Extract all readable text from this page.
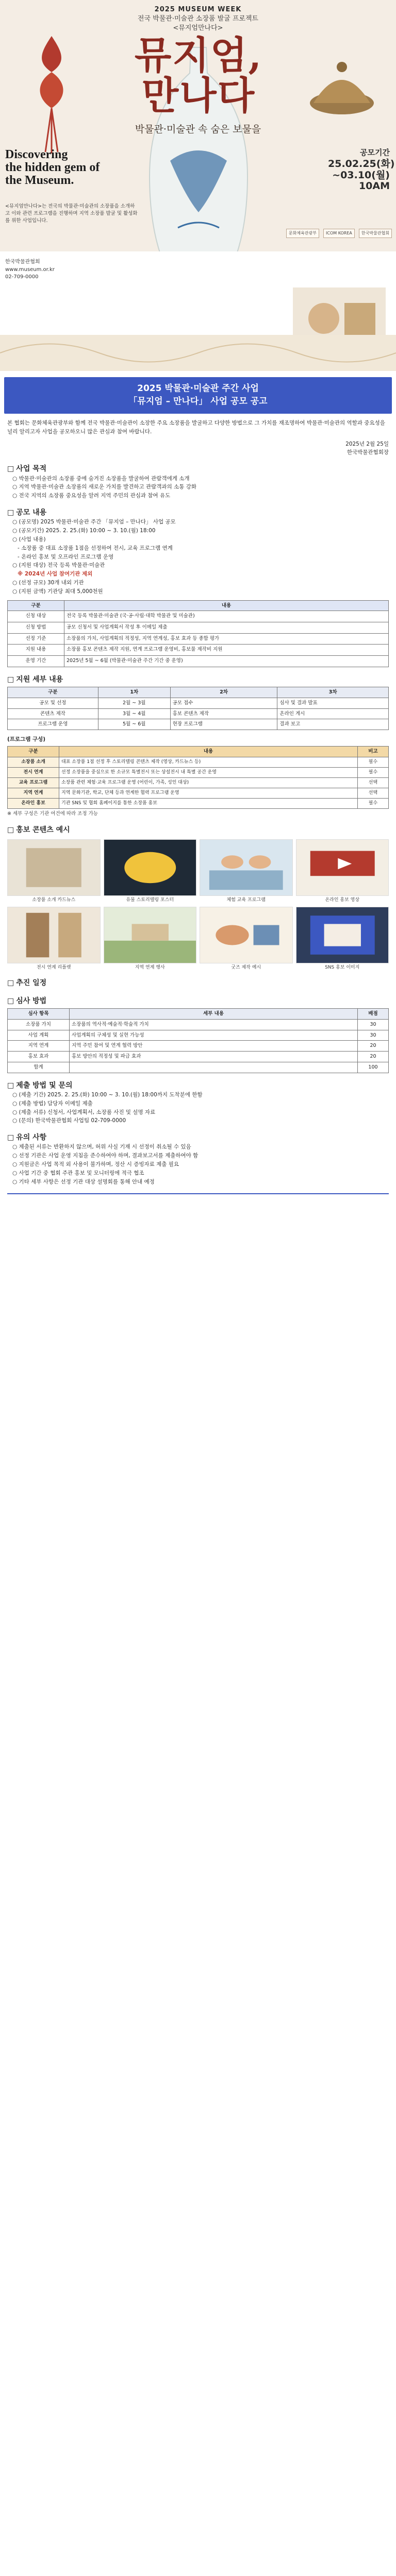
2025 MUSEUM WEEK
전국 박물관·미술관 소장품 발굴 프로젝트
<뮤지엄만나다>
뮤지엄,
만나다
박물관·미술관 속 숨은 보물을
Discovering
the hidden gem of
the Museum.
<뮤지엄만나다>는 전국의 박물관·미술관의 소장품을 소개하고 이와 관련 프로그램을 진행하며 지역 소장품 발굴 및 활성화를 위한 사업입니다.
공모기간
25.02.25(화)
~03.10(월)
10AM
문화체육관광부	ICOM KOREA	한국박물관협회
한국박물관협회
www.museum.or.kr
02-709-0000
2025 박물관·미술관 주간 사업
「뮤지엄 – 만나다」 사업 공모 공고

본 협회는 문화체육관광부와 함께 전국 박물관·미술관이 소장한 주요 소장품을 발굴하고 다양한 방법으로 그 가치를 재조명하여 박물관·미술관의 역할과 중요성을 널리 알리고자 사업을 공모하오니 많은 관심과 참여 바랍니다.

2025년 2월 25일
한국박물관협회장
□ 사업 목적
○ 박물관·미술관의 소장품 중에 숨겨진 소장품을 발굴하여 관람객에게 소개
○ 지역 박물관·미술관 소장품의 새로운 가치를 발견하고 관람객과의 소통 강화
○ 전국 지역의 소장품 중요성을 알려 지역 주민의 관심과 참여 유도
□ 공모 내용
○ (공모명) 2025 박물관·미술관 주간 「뮤지엄 – 만나다」 사업 공모
○ (공모기간) 2025. 2. 25.(화) 10:00 ~ 3. 10.(월) 18:00
○ (사업 내용)
- 소장품 중 대표 소장품 1점을 선정하여 전시, 교육 프로그램 연계
- 온라인 홍보 및 오프라인 프로그램 운영
○ (지원 대상) 전국 등록 박물관·미술관
※ 2024년 사업 참여기관 제외
○ (선정 규모) 30개 내외 기관
○ (지원 금액) 기관당 최대 5,000천원
구분	내용
신청 대상	전국 등록 박물관·미술관 (국·공·사립·대학 박물관 및 미술관)
신청 방법	공모 신청서 및 사업계획서 작성 후 이메일 제출
선정 기준	소장품의 가치, 사업계획의 적정성, 지역 연계성, 홍보 효과 등 종합 평가
지원 내용	소장품 홍보 콘텐츠 제작 지원, 연계 프로그램 운영비, 홍보물 제작비 지원
운영 기간	2025년 5월 ~ 6월 (박물관·미술관 주간 기간 중 운영)
□ 지원 세부 내용
구분	1차	2차	3차
공모 및 선정	2월 ~ 3월	공모 접수	심사 및 결과 발표
콘텐츠 제작	3월 ~ 4월	홍보 콘텐츠 제작	온라인 게시
프로그램 운영	5월 ~ 6월	현장 프로그램	결과 보고
(프로그램 구성)
구분	내용	비고
소장품 소개	대표 소장품 1점 선정 후 스토리텔링 콘텐츠 제작 (영상, 카드뉴스 등)	필수
전시 연계	선정 소장품을 중심으로 한 소규모 특별전시 또는 상설전시 내 특별 공간 운영	필수
교육 프로그램	소장품 관련 체험·교육 프로그램 운영 (어린이, 가족, 성인 대상)	선택
지역 연계	지역 문화기관, 학교, 단체 등과 연계한 협력 프로그램 운영	선택
온라인 홍보	기관 SNS 및 협회 홈페이지를 통한 소장품 홍보	필수
※ 세부 구성은 기관 여건에 따라 조정 가능
□ 홍보 콘텐츠 예시
소장품 소개 카드뉴스	유물 스토리텔링 포스터	체험 교육 프로그램	온라인 홍보 영상
전시 연계 리플렛	지역 연계 행사	굿즈 제작 예시	SNS 홍보 이미지
□ 추진 일정
□ 심사 방법
심사 항목	세부 내용	배점
소장품 가치	소장품의 역사적·예술적·학술적 가치	30
사업 계획	사업계획의 구체성 및 실현 가능성	30
지역 연계	지역 주민 참여 및 연계 협력 방안	20
홍보 효과	홍보 방안의 적정성 및 파급 효과	20
합계		100
□ 제출 방법 및 문의
○ (제출 기간) 2025. 2. 25.(화) 10:00 ~ 3. 10.(월) 18:00까지 도착분에 한함
○ (제출 방법) 담당자 이메일 제출
○ (제출 서류) 신청서, 사업계획서, 소장품 사진 및 설명 자료
○ (문의) 한국박물관협회 사업팀 02-709-0000
□ 유의 사항
○ 제출된 서류는 반환하지 않으며, 허위 사실 기재 시 선정이 취소될 수 있음
○ 선정 기관은 사업 운영 지침을 준수하여야 하며, 결과보고서를 제출하여야 함
○ 지원금은 사업 목적 외 사용이 불가하며, 정산 시 증빙자료 제출 필요
○ 사업 기간 중 협회 주관 홍보 및 모니터링에 적극 협조
○ 기타 세부 사항은 선정 기관 대상 설명회를 통해 안내 예정
